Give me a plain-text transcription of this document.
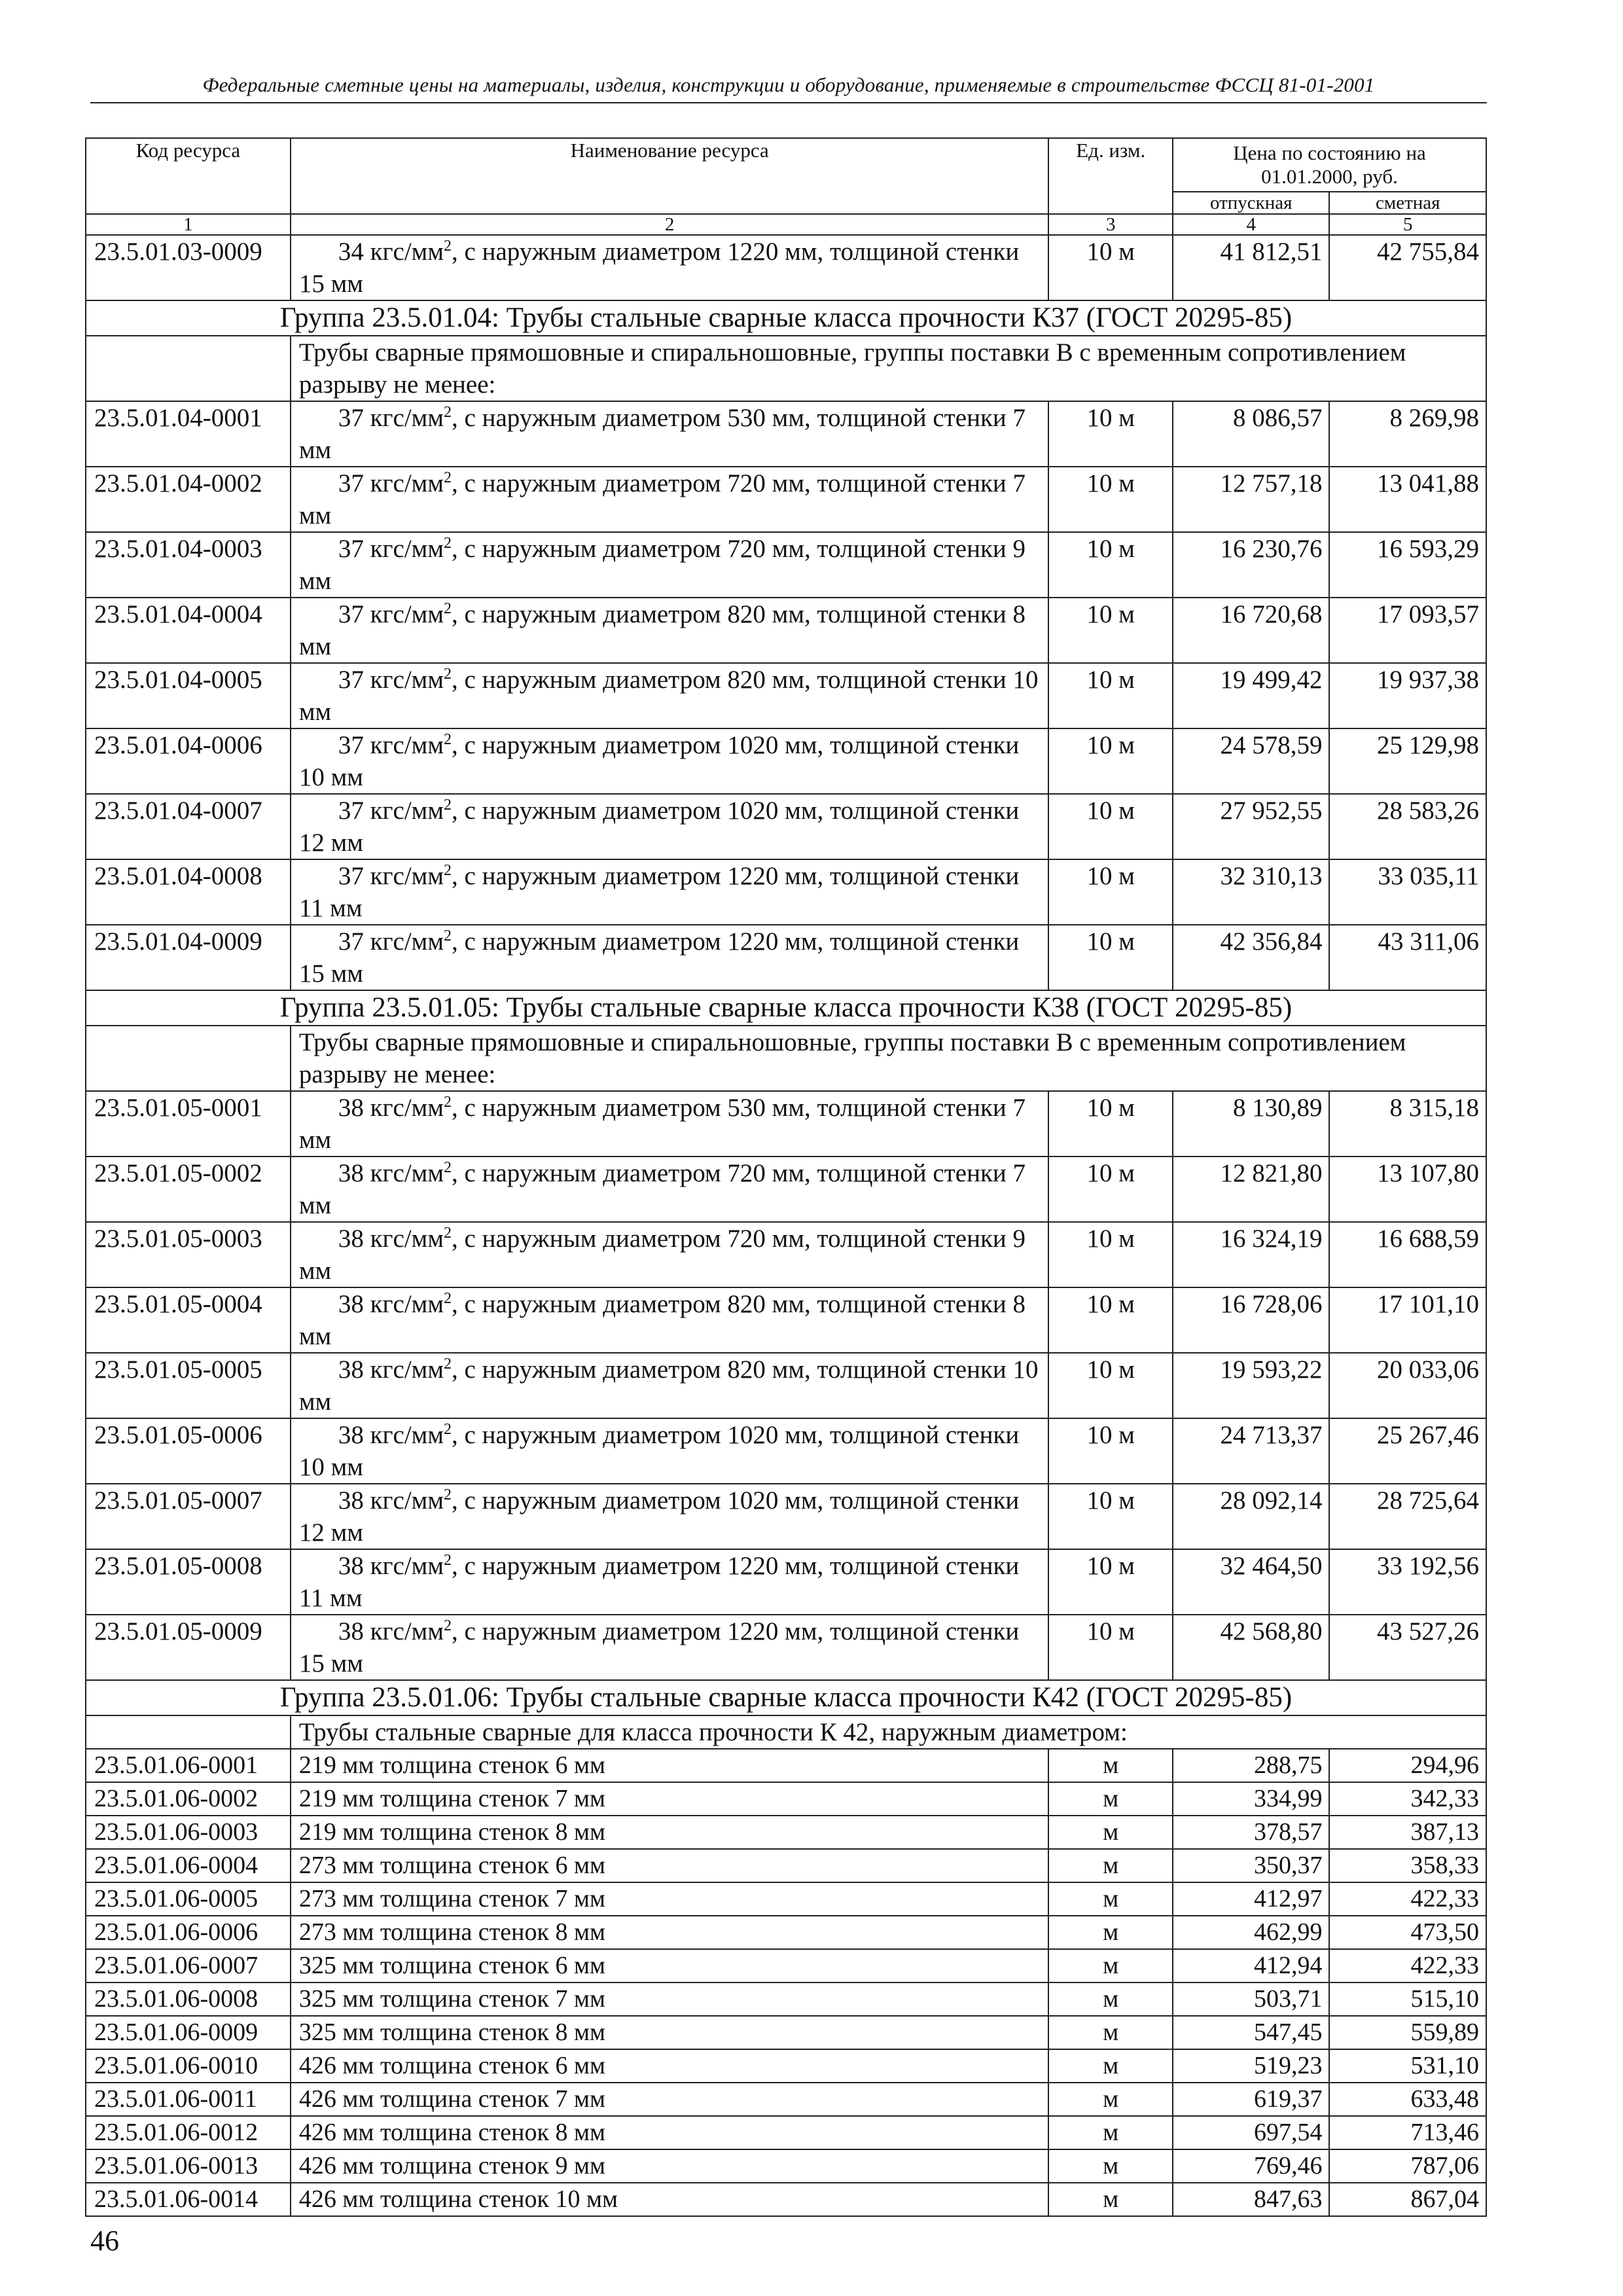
Федеральные сметные цены на материалы, изделия, конструкции и оборудование, применяемые в строительстве ФССЦ 81-01-2001
Код ресурса	Наименование ресурса	Ед. изм.	Цена по состоянию на 01.01.2000, руб.	
			отпускная	сметная
1	2	3	4	5
23.5.01.03-0009	34 кгс/$мм^2$, с наружным диаметром 1220 мм, толщиной стенки 15 мм	10 м	41 812,51	42 755,84
Группа 23.5.01.04: Трубы стальные сварные класса прочности К37 (ГОСТ 20295-85)				
	Трубы сварные прямошовные и спиральношовные, группы поставки В с временным сопротивлением разрыву не менее:			
23.5.01.04-0001	37 кгс/$мм^2$, с наружным диаметром 530 мм, толщиной стенки 7 мм	10 м	8 086,57	8 269,98
23.5.01.04-0002	37 кгс/$мм^2$, с наружным диаметром 720 мм, толщиной стенки 7 мм	10 м	12 757,18	13 041,88
23.5.01.04-0003	37 кгс/$мм^2$, с наружным диаметром 720 мм, толщиной стенки 9 мм	10 м	16 230,76	16 593,29
23.5.01.04-0004	37 кгс/$мм^2$, с наружным диаметром 820 мм, толщиной стенки 8 мм	10 м	16 720,68	17 093,57
23.5.01.04-0005	37 кгс/$мм^2$, с наружным диаметром 820 мм, толщиной стенки 10 мм	10 м	19 499,42	19 937,38
23.5.01.04-0006	37 кгс/$мм^2$, с наружным диаметром 1020 мм, толщиной стенки 10 мм	10 м	24 578,59	25 129,98
23.5.01.04-0007	37 кгс/$мм^2$, с наружным диаметром 1020 мм, толщиной стенки 12 мм	10 м	27 952,55	28 583,26
23.5.01.04-0008	37 кгс/$мм^2$, с наружным диаметром 1220 мм, толщиной стенки 11 мм	10 м	32 310,13	33 035,11
23.5.01.04-0009	37 кгс/$мм^2$, с наружным диаметром 1220 мм, толщиной стенки 15 мм	10 м	42 356,84	43 311,06
Группа 23.5.01.05: Трубы стальные сварные класса прочности К38 (ГОСТ 20295-85)				
	Трубы сварные прямошовные и спиральношовные, группы поставки В с временным сопротивлением разрыву не менее:			
23.5.01.05-0001	38 кгс/$мм^2$, с наружным диаметром 530 мм, толщиной стенки 7 мм	10 м	8 130,89	8 315,18
23.5.01.05-0002	38 кгс/$мм^2$, с наружным диаметром 720 мм, толщиной стенки 7 мм	10 м	12 821,80	13 107,80
23.5.01.05-0003	38 кгс/$мм^2$, с наружным диаметром 720 мм, толщиной стенки 9 мм	10 м	16 324,19	16 688,59
23.5.01.05-0004	38 кгс/$мм^2$, с наружным диаметром 820 мм, толщиной стенки 8 мм	10 м	16 728,06	17 101,10
23.5.01.05-0005	38 кгс/$мм^2$, с наружным диаметром 820 мм, толщиной стенки 10 мм	10 м	19 593,22	20 033,06
23.5.01.05-0006	38 кгс/$мм^2$, с наружным диаметром 1020 мм, толщиной стенки 10 мм	10 м	24 713,37	25 267,46
23.5.01.05-0007	38 кгс/$мм^2$, с наружным диаметром 1020 мм, толщиной стенки 12 мм	10 м	28 092,14	28 725,64
23.5.01.05-0008	38 кгс/$мм^2$, с наружным диаметром 1220 мм, толщиной стенки 11 мм	10 м	32 464,50	33 192,56
23.5.01.05-0009	38 кгс/$мм^2$, с наружным диаметром 1220 мм, толщиной стенки 15 мм	10 м	42 568,80	43 527,26
Группа 23.5.01.06: Трубы стальные сварные класса прочности К42 (ГОСТ 20295-85)				
	Трубы стальные сварные для класса прочности К 42, наружным диаметром:			
23.5.01.06-0001	219 мм толщина стенок 6 мм	м	288,75	294,96
23.5.01.06-0002	219 мм толщина стенок 7 мм	м	334,99	342,33
23.5.01.06-0003	219 мм толщина стенок 8 мм	м	378,57	387,13
23.5.01.06-0004	273 мм толщина стенок 6 мм	м	350,37	358,33
23.5.01.06-0005	273 мм толщина стенок 7 мм	м	412,97	422,33
23.5.01.06-0006	273 мм толщина стенок 8 мм	м	462,99	473,50
23.5.01.06-0007	325 мм толщина стенок 6 мм	м	412,94	422,33
23.5.01.06-0008	325 мм толщина стенок 7 мм	м	503,71	515,10
23.5.01.06-0009	325 мм толщина стенок 8 мм	м	547,45	559,89
23.5.01.06-0010	426 мм толщина стенок 6 мм	м	519,23	531,10
23.5.01.06-0011	426 мм толщина стенок 7 мм	м	619,37	633,48
23.5.01.06-0012	426 мм толщина стенок 8 мм	м	697,54	713,46
23.5.01.06-0013	426 мм толщина стенок 9 мм	м	769,46	787,06
23.5.01.06-0014	426 мм толщина стенок 10 мм	м	847,63	867,04
46
